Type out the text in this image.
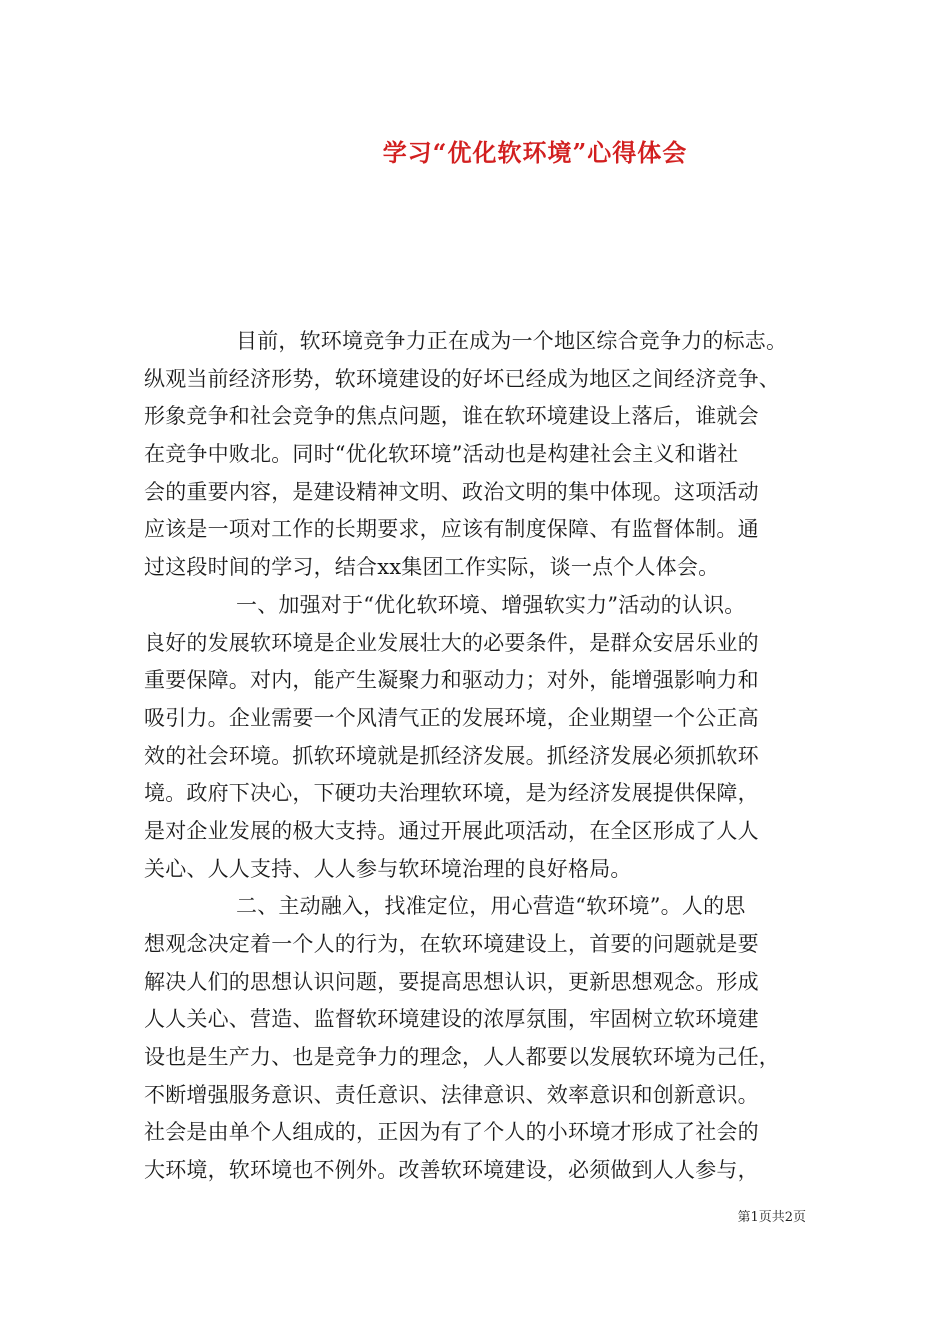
学习“优化软环境”心得体会
目前，软环境竞争力正在成为一个地区综合竞争力的标志。
纵观当前经济形势，软环境建设的好坏已经成为地区之间经济竞争、
形象竞争和社会竞争的焦点问题，谁在软环境建设上落后，谁就会
在竞争中败北。同时“优化软环境”活动也是构建社会主义和谐社
会的重要内容，是建设精神文明、政治文明的集中体现。这项活动
应该是一项对工作的长期要求，应该有制度保障、有监督体制。通
过这段时间的学习，结合xx集团工作实际，谈一点个人体会。
一、加强对于“优化软环境、增强软实力”活动的认识。
良好的发展软环境是企业发展壮大的必要条件，是群众安居乐业的
重要保障。对内，能产生凝聚力和驱动力；对外，能增强影响力和
吸引力。企业需要一个风清气正的发展环境，企业期望一个公正高
效的社会环境。抓软环境就是抓经济发展。抓经济发展必须抓软环
境。政府下决心，下硬功夫治理软环境，是为经济发展提供保障，
是对企业发展的极大支持。通过开展此项活动，在全区形成了人人
关心、人人支持、人人参与软环境治理的良好格局。
二、主动融入，找准定位，用心营造“软环境”。人的思
想观念决定着一个人的行为，在软环境建设上，首要的问题就是要
解决人们的思想认识问题，要提高思想认识，更新思想观念。形成
人人关心、营造、监督软环境建设的浓厚氛围，牢固树立软环境建
设也是生产力、也是竞争力的理念，人人都要以发展软环境为己任，
不断增强服务意识、责任意识、法律意识、效率意识和创新意识。
社会是由单个人组成的，正因为有了个人的小环境才形成了社会的
大环境，软环境也不例外。改善软环境建设，必须做到人人参与，
第1页共2页
